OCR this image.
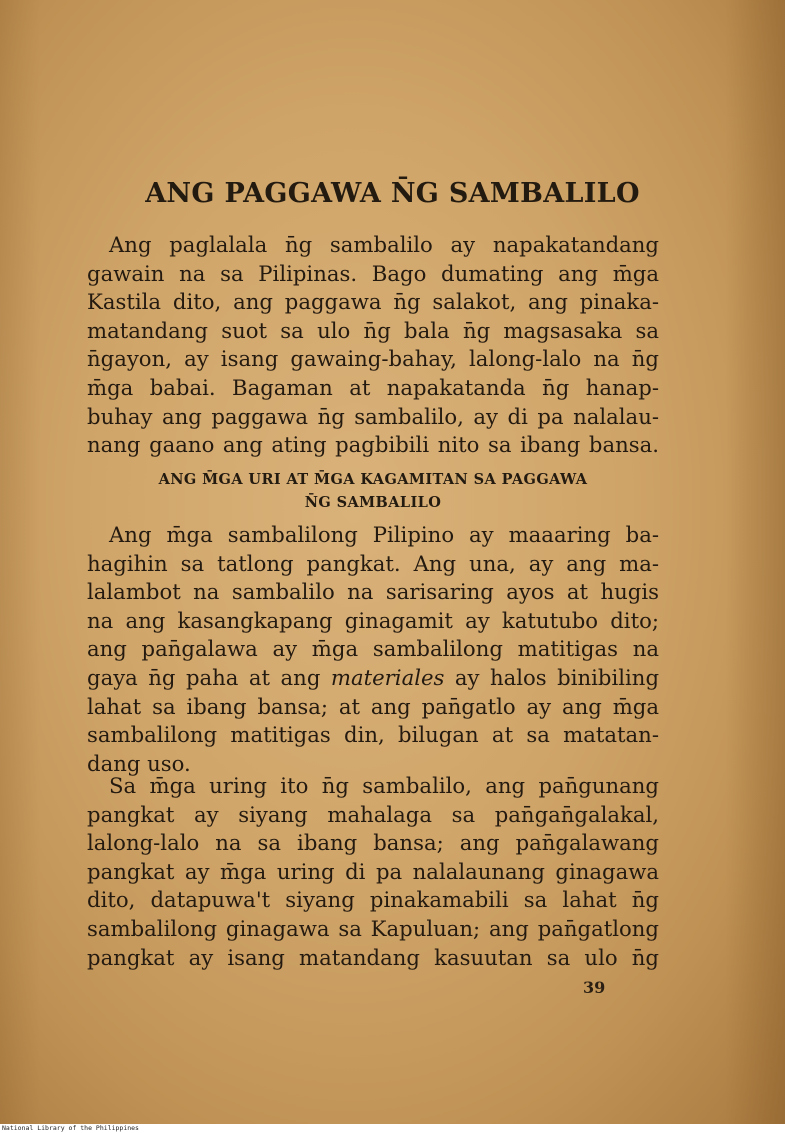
ANG PAGGAWA N̄G SAMBALILO
Ang paglalala n̄g sambalilo ay napakatandang
gawain na sa Pilipinas. Bago dumating ang m̄ga
Kastila dito, ang paggawa n̄g salakot, ang pinaka-
matandang suot sa ulo n̄g bala n̄g magsasaka sa
n̄gayon, ay isang gawaing-bahay, lalong-lalo na n̄g
m̄ga babai. Bagaman at napakatanda n̄g hanap-
buhay ang paggawa n̄g sambalilo, ay di pa nalalau-
nang gaano ang ating pagbibili nito sa ibang bansa.
ANG M̄GA URI AT M̄GA KAGAMITAN SA PAGGAWA
N̄G SAMBALILO
Ang m̄ga sambalilong Pilipino ay maaaring ba-
hagihin sa tatlong pangkat. Ang una, ay ang ma-
lalambot na sambalilo na sarisaring ayos at hugis
na ang kasangkapang ginagamit ay katutubo dito;
ang pan̄galawa ay m̄ga sambalilong matitigas na
gaya n̄g paha at ang materiales ay halos binibiling
lahat sa ibang bansa; at ang pan̄gatlo ay ang m̄ga
sambalilong matitigas din, bilugan at sa matatan-
dang uso.
Sa m̄ga uring ito n̄g sambalilo, ang pan̄gunang
pangkat ay siyang mahalaga sa pan̄gan̄galakal,
lalong-lalo na sa ibang bansa; ang pan̄galawang
pangkat ay m̄ga uring di pa nalalaunang ginagawa
dito, datapuwa't siyang pinakamabili sa lahat n̄g
sambalilong ginagawa sa Kapuluan; ang pan̄gatlong
pangkat ay isang matandang kasuutan sa ulo n̄g
39
National Library of the Philippines
